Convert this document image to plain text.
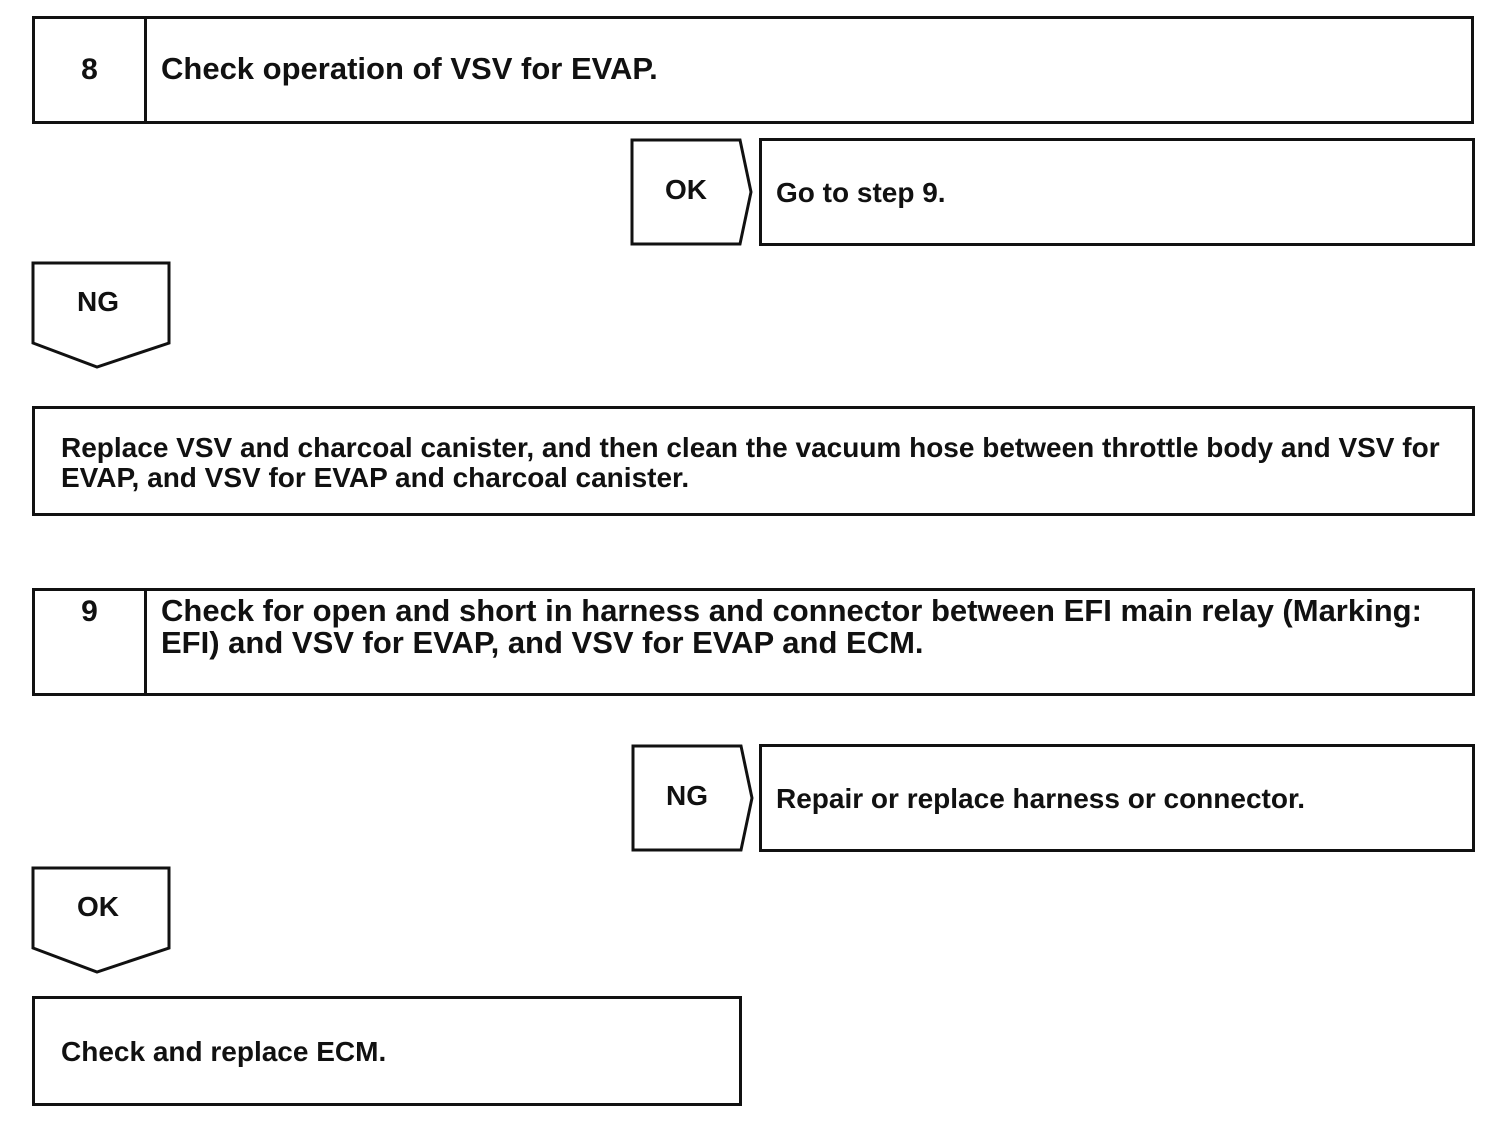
8	Check operation of VSV for EVAP.
OK	Go to step 9.
NG
Replace VSV and charcoal canister, and then clean the vacuum hose between throttle body and VSV for EVAP, and VSV for EVAP and charcoal canister.
9	Check for open and short in harness and connector between EFI main relay (Marking: EFI) and VSV for EVAP, and VSV for EVAP and ECM.
NG	Repair or replace harness or connector.
OK
Check and replace ECM.
